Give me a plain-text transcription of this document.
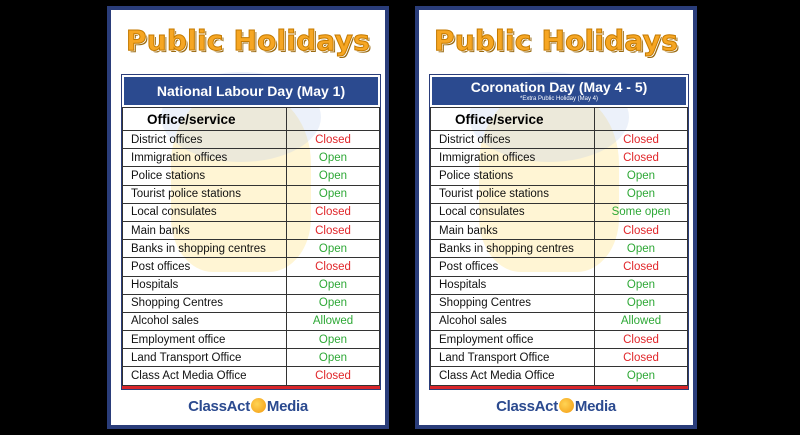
Public Holidays
National Labour Day (May 1)
Office/service	
District offices	Closed
Immigration offices	Open
Police stations	Open
Tourist police stations	Open
Local consulates	Closed
Main banks	Closed
Banks in shopping centres	Open
Post offices	Closed
Hospitals	Open
Shopping Centres	Open
Alcohol sales	Allowed
Employment office	Open
Land Transport Office	Open
Class Act Media Office	Closed
ClassAct Media
Public Holidays
Coronation Day (May 4 - 5)
*Extra Public Holiday (May 4)
Office/service	
District offices	Closed
Immigration offices	Closed
Police stations	Open
Tourist police stations	Open
Local consulates	Some open
Main banks	Closed
Banks in shopping centres	Open
Post offices	Closed
Hospitals	Open
Shopping Centres	Open
Alcohol sales	Allowed
Employment office	Closed
Land Transport Office	Closed
Class Act Media Office	Open
ClassAct Media
